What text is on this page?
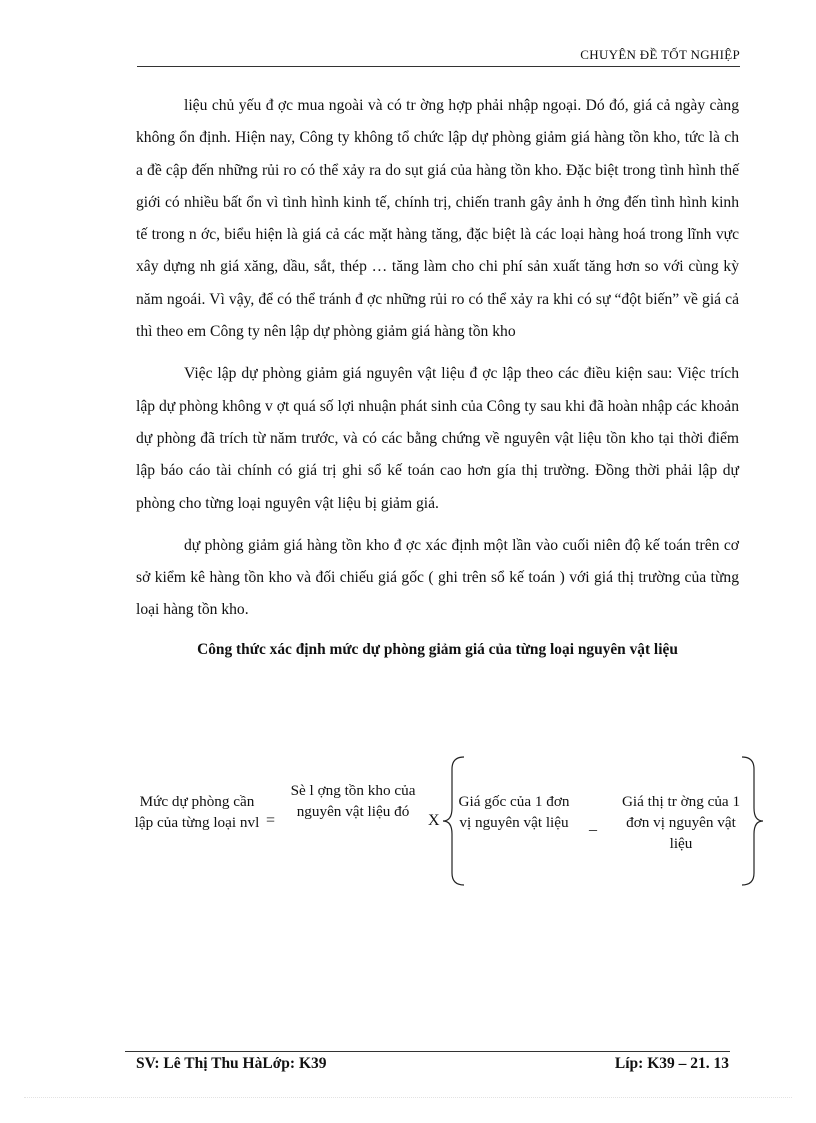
CHUYÊN ĐỀ TỐT NGHIỆP

liệu chủ yếu đ ợc mua ngoài và có tr ờng hợp phải nhập ngoại. Dó đó, giá cả ngày càng không ổn định. Hiện nay, Công ty không tổ chức lập dự phòng giảm giá hàng tồn kho, tức là ch a đề cập đến những rủi ro có thể xảy ra do sụt giá của hàng tồn kho. Đặc biệt trong tình hình thế giới có nhiều bất ổn vì tình hình kinh tế, chính trị, chiến tranh gây ảnh h ởng đến tình hình kinh tế trong n ớc, biểu hiện là giá cả các mặt hàng tăng, đặc biệt là các loại hàng hoá trong lĩnh vực xây dựng nh giá xăng, dầu, sắt, thép … tăng làm cho chi phí sản xuất tăng hơn so với cùng kỳ năm ngoái. Vì vậy, để có thể tránh đ ợc những rủi ro có thể xảy ra khi có sự “đột biến” về giá cả thì theo em Công ty nên lập dự phòng giảm giá hàng tồn kho

Việc lập dự phòng giảm giá nguyên vật liệu đ ợc lập theo các điều kiện sau: Việc trích lập dự phòng không v ợt quá số lợi nhuận phát sinh của Công ty sau khi đã hoàn nhập các khoản dự phòng đã trích từ năm trước, và có các bằng chứng về nguyên vật liệu tồn kho tại thời điểm lập báo cáo tài chính có giá trị ghi sổ kế toán cao hơn gía thị trường. Đồng thời phải lập dự phòng cho từng loại nguyên vật liệu bị giảm giá.

dự phòng giảm giá hàng tồn kho đ ợc xác định một lần vào cuối niên độ kế toán trên cơ sở kiểm kê hàng tồn kho và đối chiếu giá gốc ( ghi trên sổ kế toán ) với giá thị trường của từng loại hàng tồn kho.

Công thức xác định mức dự phòng giảm giá của từng loại nguyên vật liệu
Mức dự phòng cần lập của từng loại nvl =
Sè l ợng tồn kho của nguyên vật liệu đó
X
Giá gốc của 1 đơn vị nguyên vật liệu	_
Giá thị tr ờng của 1 đơn vị nguyên vật liệu
SV: Lê Thị Thu HàLớp: K39	Líp: K39 – 21. 13
